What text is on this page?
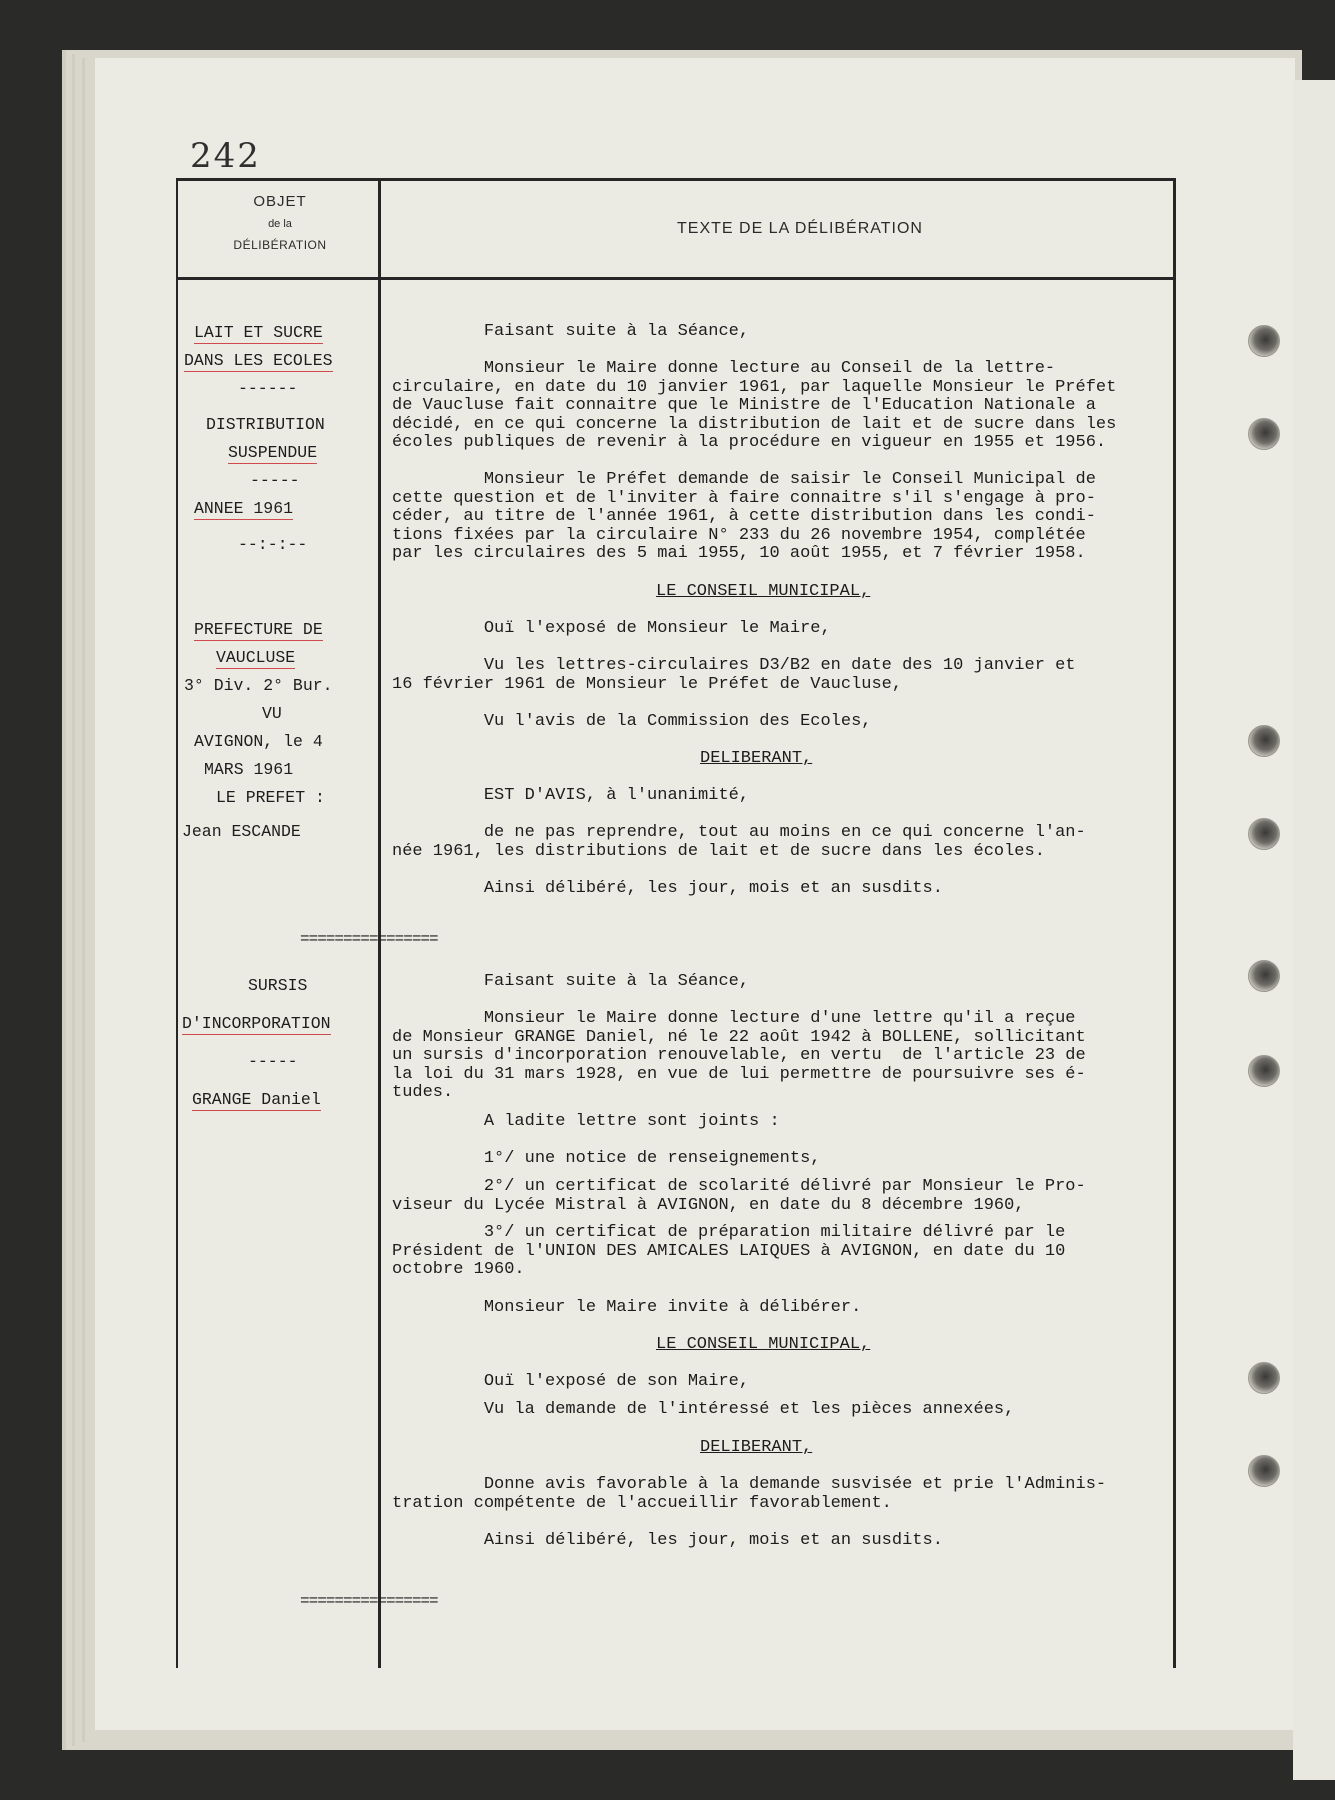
242
OBJET
de la
DÉLIBÉRATION
TEXTE DE LA DÉLIBÉRATION
LAIT ET SUCRE
DANS LES ECOLES
------
DISTRIBUTION
SUSPENDUE
-----
ANNEE 1961
--:-:--
PREFECTURE DE
VAUCLUSE
3° Div. 2° Bur.
VU
AVIGNON, le 4
MARS 1961
LE PREFET :
Jean ESCANDE
================
SURSIS
D'INCORPORATION
-----
GRANGE Daniel
================
Faisant suite à la Séance,
Monsieur le Maire donne lecture au Conseil de la lettre-
circulaire, en date du 10 janvier 1961, par laquelle Monsieur le Préfet
de Vaucluse fait connaitre que le Ministre de l'Education Nationale a
décidé, en ce qui concerne la distribution de lait et de sucre dans les
écoles publiques de revenir à la procédure en vigueur en 1955 et 1956.
Monsieur le Préfet demande de saisir le Conseil Municipal de
cette question et de l'inviter à faire connaitre s'il s'engage à pro-
céder, au titre de l'année 1961, à cette distribution dans les condi-
tions fixées par la circulaire N° 233 du 26 novembre 1954, complétée
par les circulaires des 5 mai 1955, 10 août 1955, et 7 février 1958.
LE CONSEIL MUNICIPAL,
Ouï l'exposé de Monsieur le Maire,
Vu les lettres-circulaires D3/B2 en date des 10 janvier et
16 février 1961 de Monsieur le Préfet de Vaucluse,
Vu l'avis de la Commission des Ecoles,
DELIBERANT,
EST D'AVIS, à l'unanimité,
de ne pas reprendre, tout au moins en ce qui concerne l'an-
née 1961, les distributions de lait et de sucre dans les écoles.
Ainsi délibéré, les jour, mois et an susdits.
Faisant suite à la Séance,
Monsieur le Maire donne lecture d'une lettre qu'il a reçue
de Monsieur GRANGE Daniel, né le 22 août 1942 à BOLLENE, sollicitant
un sursis d'incorporation renouvelable, en vertu  de l'article 23 de
la loi du 31 mars 1928, en vue de lui permettre de poursuivre ses é-
tudes.
A ladite lettre sont joints :
1°/ une notice de renseignements,
2°/ un certificat de scolarité délivré par Monsieur le Pro-
viseur du Lycée Mistral à AVIGNON, en date du 8 décembre 1960,
3°/ un certificat de préparation militaire délivré par le
Président de l'UNION DES AMICALES LAIQUES à AVIGNON, en date du 10
octobre 1960.
Monsieur le Maire invite à délibérer.
LE CONSEIL MUNICIPAL,
Ouï l'exposé de son Maire,
Vu la demande de l'intéressé et les pièces annexées,
DELIBERANT,
Donne avis favorable à la demande susvisée et prie l'Adminis-
tration compétente de l'accueillir favorablement.
Ainsi délibéré, les jour, mois et an susdits.
